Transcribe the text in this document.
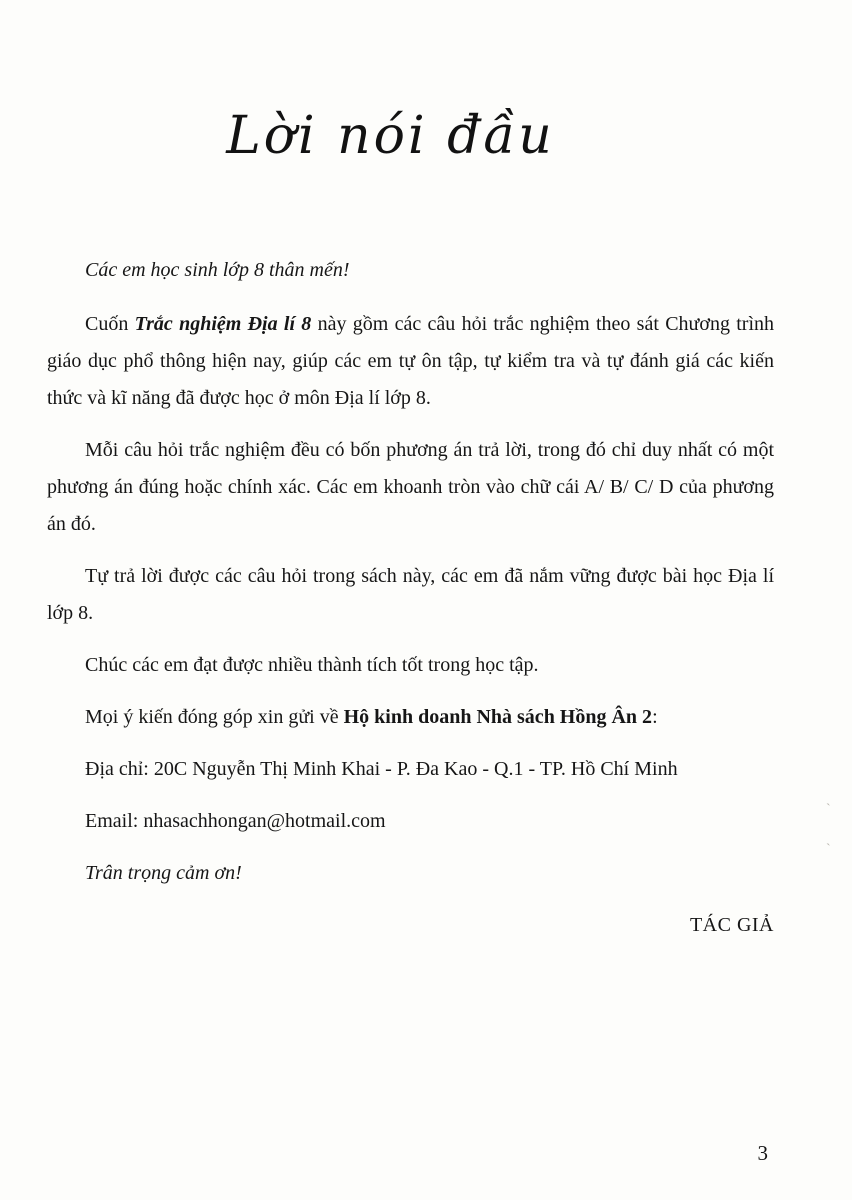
Lời nói đầu

Các em học sinh lớp 8 thân mến!

Cuốn Trắc nghiệm Địa lí 8 này gồm các câu hỏi trắc nghiệm theo sát Chương trình giáo dục phổ thông hiện nay, giúp các em tự ôn tập, tự kiểm tra và tự đánh giá các kiến thức và kĩ năng đã được học ở môn Địa lí lớp 8.

Mỗi câu hỏi trắc nghiệm đều có bốn phương án trả lời, trong đó chỉ duy nhất có một phương án đúng hoặc chính xác. Các em khoanh tròn vào chữ cái A/ B/ C/ D của phương án đó.

Tự trả lời được các câu hỏi trong sách này, các em đã nắm vững được bài học Địa lí lớp 8.

Chúc các em đạt được nhiều thành tích tốt trong học tập.

Mọi ý kiến đóng góp xin gửi về Hộ kinh doanh Nhà sách Hồng Ân 2:

Địa chỉ: 20C Nguyễn Thị Minh Khai - P. Đa Kao - Q.1 - TP. Hồ Chí Minh

Email: nhasachhongan@hotmail.com

Trân trọng cảm ơn!

TÁC GIẢ

`
`
3
